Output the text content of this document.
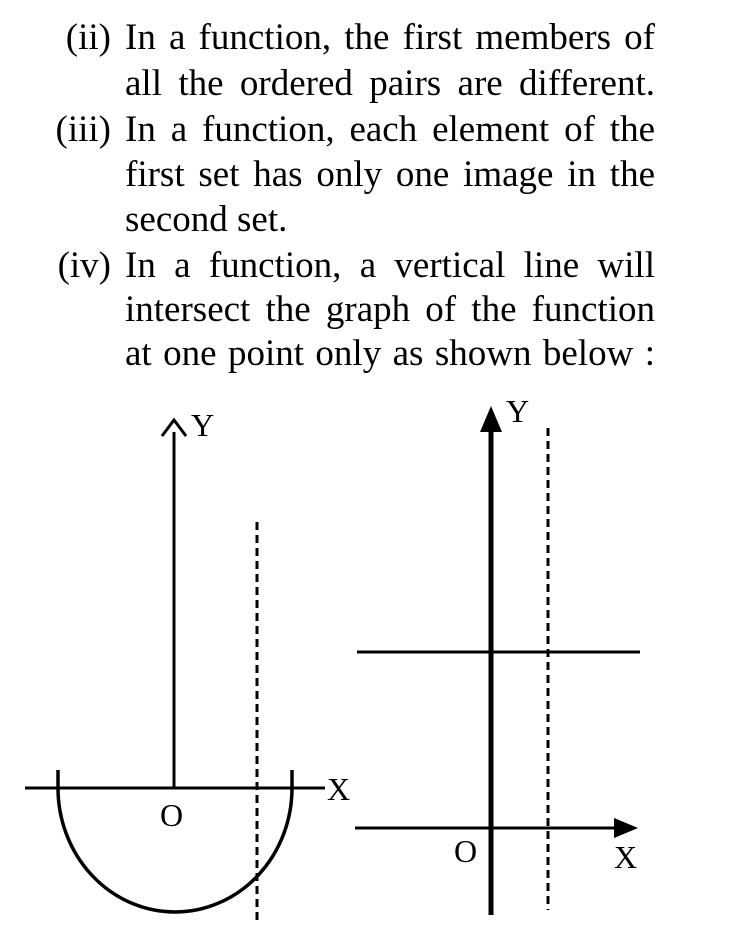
(ii) In a function, the first members of
all the ordered pairs are different.
(iii) In a function, each element of the
first set has only one image in the
second set.
(iv) In a function, a vertical line will
intersect the graph of the function
at one point only as shown below :
Y
X
O
Y
X
O
